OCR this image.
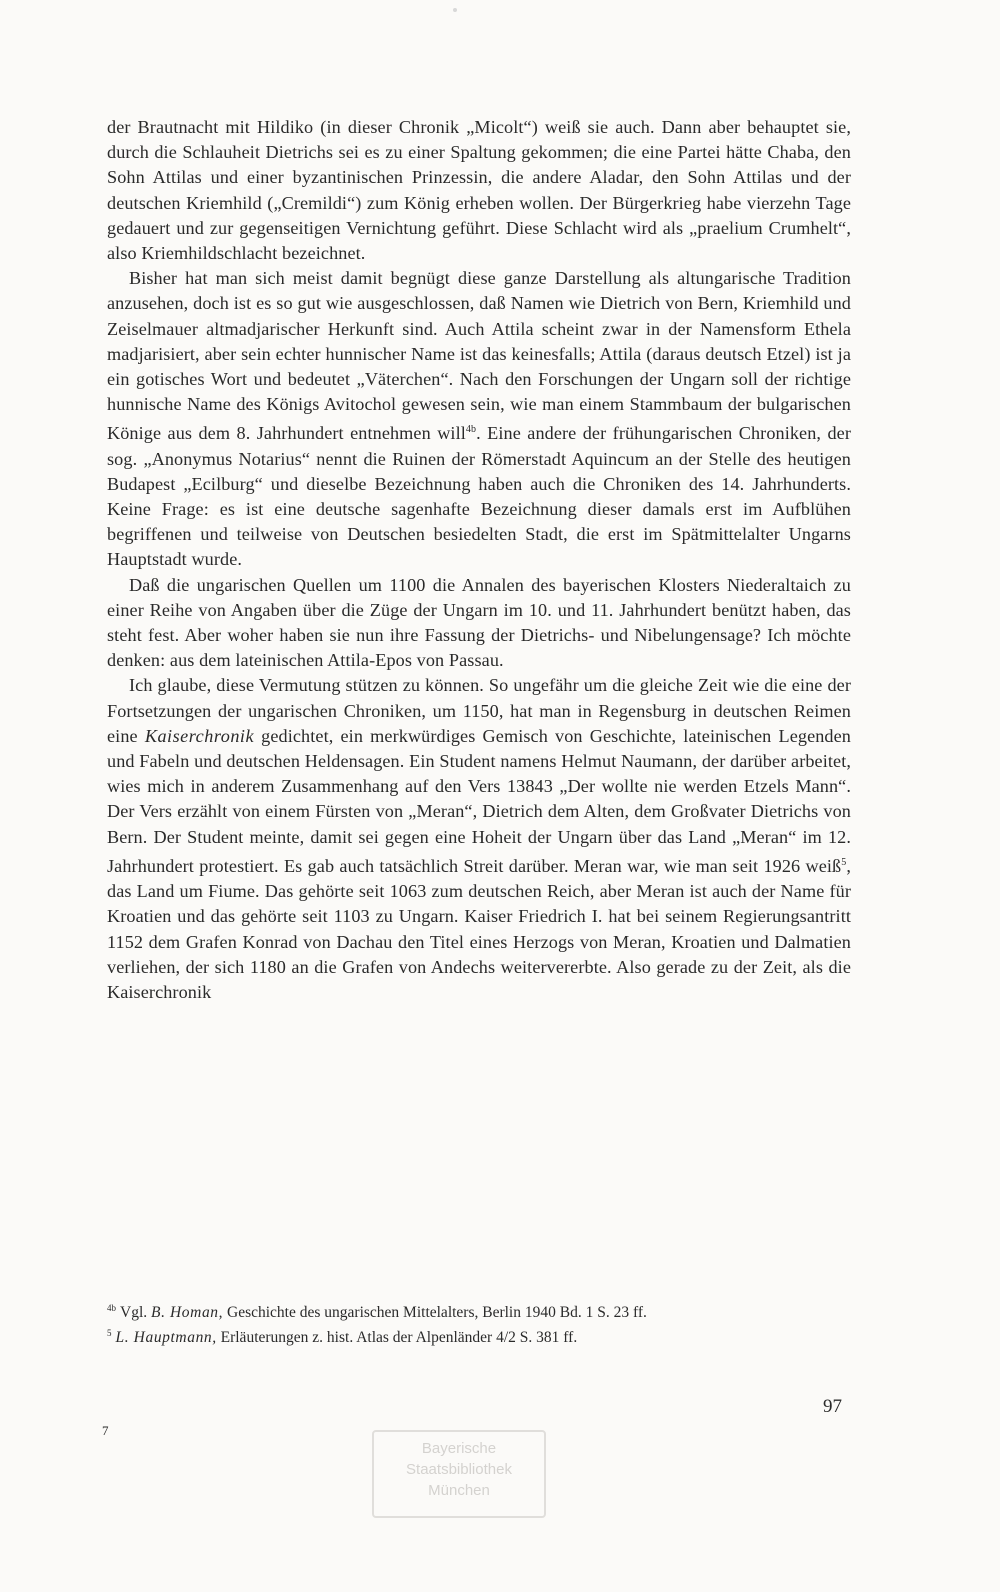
der Brautnacht mit Hildiko (in dieser Chronik „Micolt“) weiß sie auch. Dann aber behauptet sie, durch die Schlauheit Dietrichs sei es zu einer Spaltung gekommen; die eine Partei hätte Chaba, den Sohn Attilas und einer byzantinischen Prinzessin, die andere Aladar, den Sohn Attilas und der deutschen Kriemhild („Cremildi“) zum König erheben wollen. Der Bürgerkrieg habe vierzehn Tage gedauert und zur gegenseitigen Vernichtung geführt. Diese Schlacht wird als „praelium Crumhelt“, also Kriemhildschlacht bezeichnet.

Bisher hat man sich meist damit begnügt diese ganze Darstellung als altungarische Tradition anzusehen, doch ist es so gut wie ausgeschlossen, daß Namen wie Dietrich von Bern, Kriemhild und Zeiselmauer altmadjarischer Herkunft sind. Auch Attila scheint zwar in der Namensform Ethela madjarisiert, aber sein echter hunnischer Name ist das keinesfalls; Attila (daraus deutsch Etzel) ist ja ein gotisches Wort und bedeutet „Väterchen“. Nach den Forschungen der Ungarn soll der richtige hunnische Name des Königs Avitochol gewesen sein, wie man einem Stammbaum der bulgarischen Könige aus dem 8. Jahrhundert entnehmen will$^{4b}$. Eine andere der frühungarischen Chroniken, der sog. „Anonymus Notarius“ nennt die Ruinen der Römerstadt Aquincum an der Stelle des heutigen Budapest „Ecilburg“ und dieselbe Bezeichnung haben auch die Chroniken des 14. Jahrhunderts. Keine Frage: es ist eine deutsche sagenhafte Bezeichnung dieser damals erst im Aufblühen begriffenen und teilweise von Deutschen besiedelten Stadt, die erst im Spätmittelalter Ungarns Hauptstadt wurde.

Daß die ungarischen Quellen um 1100 die Annalen des bayerischen Klosters Niederaltaich zu einer Reihe von Angaben über die Züge der Ungarn im 10. und 11. Jahrhundert benützt haben, das steht fest. Aber woher haben sie nun ihre Fassung der Dietrichs- und Nibelungensage? Ich möchte denken: aus dem lateinischen Attila-Epos von Passau.

Ich glaube, diese Vermutung stützen zu können. So ungefähr um die gleiche Zeit wie die eine der Fortsetzungen der ungarischen Chroniken, um 1150, hat man in Regensburg in deutschen Reimen eine Kaiserchronik gedichtet, ein merkwürdiges Gemisch von Geschichte, lateinischen Legenden und Fabeln und deutschen Heldensagen. Ein Student namens Helmut Naumann, der darüber arbeitet, wies mich in anderem Zusammenhang auf den Vers 13843 „Der wollte nie werden Etzels Mann“. Der Vers erzählt von einem Fürsten von „Meran“, Dietrich dem Alten, dem Großvater Dietrichs von Bern. Der Student meinte, damit sei gegen eine Hoheit der Ungarn über das Land „Meran“ im 12. Jahrhundert protestiert. Es gab auch tatsächlich Streit darüber. Meran war, wie man seit 1926 weiß$^5$, das Land um Fiume. Das gehörte seit 1063 zum deutschen Reich, aber Meran ist auch der Name für Kroatien und das gehörte seit 1103 zu Ungarn. Kaiser Friedrich I. hat bei seinem Regierungsantritt 1152 dem Grafen Konrad von Dachau den Titel eines Herzogs von Meran, Kroatien und Dalmatien verliehen, der sich 1180 an die Grafen von Andechs weitervererbte. Also gerade zu der Zeit, als die Kaiserchronik

$^{4b}$ Vgl. B. Homan, Geschichte des ungarischen Mittelalters, Berlin 1940 Bd. 1 S. 23 ff.

$^5$ L. Hauptmann, Erläuterungen z. hist. Atlas der Alpenländer 4/2 S. 381 ff.

97
7
Bayerische
Staatsbibliothek
München
